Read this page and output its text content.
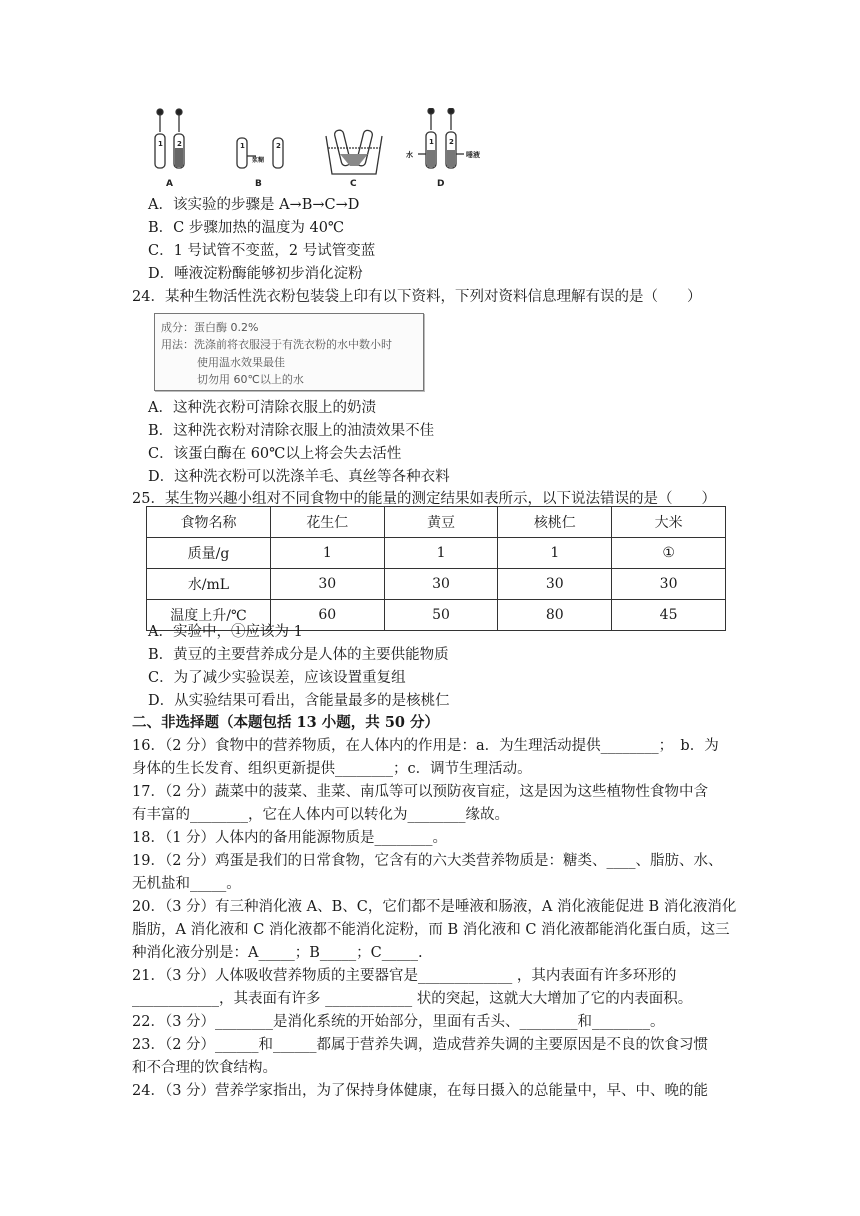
1 2	1	2
浆糊
1 2
水	唾液
A	B	C	D
A．该实验的步骤是 A→B→C→D
B．C 步骤加热的温度为 40℃
C．1 号试管不变蓝，2 号试管变蓝
D．唾液淀粉酶能够初步消化淀粉
24．某种生物活性洗衣粉包装袋上印有以下资料，下列对资料信息理解有误的是（　　）
成分：蛋白酶 0.2%
用法：洗涤前将衣服浸于有洗衣粉的水中数小时
使用温水效果最佳
切勿用 60℃以上的水
A．这种洗衣粉可清除衣服上的奶渍
B．这种洗衣粉对清除衣服上的油渍效果不佳
C．该蛋白酶在 60℃以上将会失去活性
D．这种洗衣粉可以洗涤羊毛、真丝等各种衣料
25．某生物兴趣小组对不同食物中的能量的测定结果如表所示，以下说法错误的是（　　）
食物名称	花生仁	黄豆	核桃仁	大米
质量/g	1	1	1	①
水/mL	30	30	30	30
温度上升/℃	60	50	80	45
A．实验中，①应该为 1
B．黄豆的主要营养成分是人体的主要供能物质
C．为了减少实验误差，应该设置重复组
D．从实验结果可看出，含能量最多的是核桃仁
二、非选择题（本题包括 13 小题，共 50 分）
16．（2 分）食物中的营养物质，在人体内的作用是：a．为生理活动提供________；　b．为
身体的生长发育、组织更新提供________；c．调节生理活动。
17．（2 分）蔬菜中的菠菜、韭菜、南瓜等可以预防夜盲症，这是因为这些植物性食物中含
有丰富的________，它在人体内可以转化为________缘故。
18．（1 分）人体内的备用能源物质是________。
19．（2 分）鸡蛋是我们的日常食物，它含有的六大类营养物质是：糖类、____、脂肪、水、
无机盐和_____。
20．（3 分）有三种消化液 A、B、C，它们都不是唾液和肠液，A 消化液能促进 B 消化液消化
脂肪，A 消化液和 C 消化液都不能消化淀粉，而 B 消化液和 C 消化液都能消化蛋白质，这三
种消化液分别是：A_____；B_____；C_____.
21．（3 分）人体吸收营养物质的主要器官是_____________ ，其内表面有许多环形的
____________，其表面有许多 ____________ 状的突起，这就大大增加了它的内表面积。
22．（3 分）________是消化系统的开始部分，里面有舌头、________和________。
23．（2 分）______和______都属于营养失调，造成营养失调的主要原因是不良的饮食习惯
和不合理的饮食结构。
24．（3 分）营养学家指出，为了保持身体健康，在每日摄入的总能量中，早、中、晚的能
